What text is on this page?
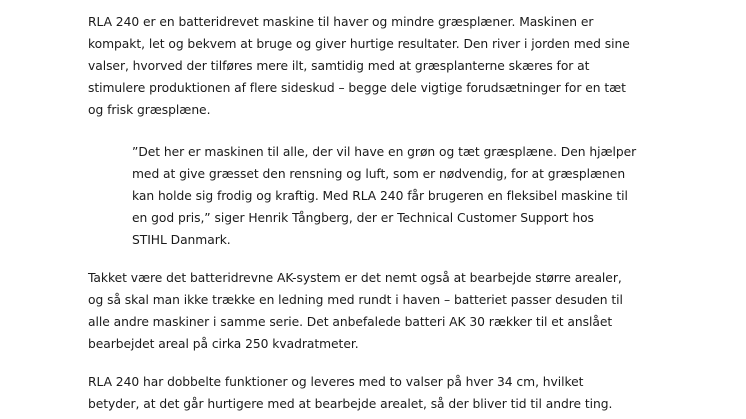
RLA 240 er en batteridrevet maskine til haver og mindre græsplæner. Maskinen er
kompakt, let og bekvem at bruge og giver hurtige resultater. Den river i jorden med sine
valser, hvorved der tilføres mere ilt, samtidig med at græsplanterne skæres for at
stimulere produktionen af flere sideskud – begge dele vigtige forudsætninger for en tæt
og frisk græsplæne.

”Det her er maskinen til alle, der vil have en grøn og tæt græsplæne. Den hjælper
med at give græsset den rensning og luft, som er nødvendig, for at græsplænen
kan holde sig frodig og kraftig. Med RLA 240 får brugeren en fleksibel maskine til
en god pris,” siger Henrik Tångberg, der er Technical Customer Support hos
STIHL Danmark.

Takket være det batteridrevne AK-system er det nemt også at bearbejde større arealer,
og så skal man ikke trække en ledning med rundt i haven – batteriet passer desuden til
alle andre maskiner i samme serie. Det anbefalede batteri AK 30 rækker til et anslået
bearbejdet areal på cirka 250 kvadratmeter.

RLA 240 har dobbelte funktioner og leveres med to valser på hver 34 cm, hvilket
betyder, at det går hurtigere med at bearbejde arealet, så der bliver tid til andre ting.
